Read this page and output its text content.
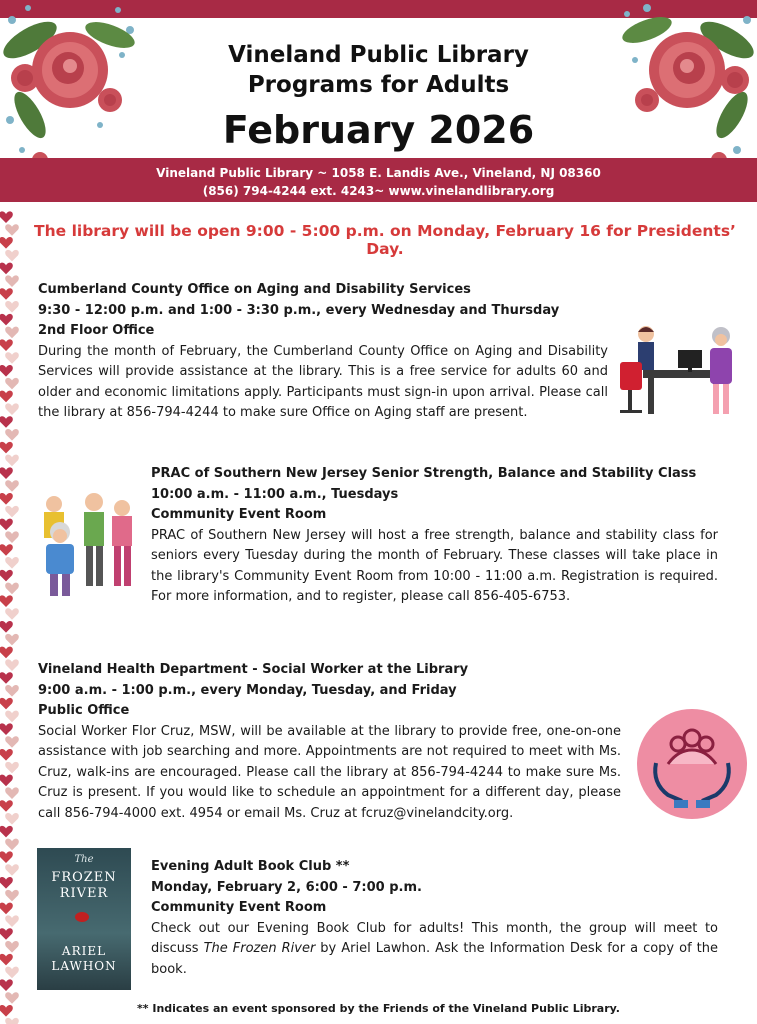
Vineland Public Library
Programs for Adults
February 2026
Vineland Public Library ~ 1058 E. Landis Ave., Vineland, NJ 08360
(856) 794-4244 ext. 4243~ www.vinelandlibrary.org
The library will be open 9:00 - 5:00 p.m. on Monday, February 16 for Presidents’ Day.
Cumberland County Office on Aging and Disability Services
9:30 - 12:00 p.m. and 1:00 - 3:30 p.m., every Wednesday and Thursday
2nd Floor Office

During the month of February, the Cumberland County Office on Aging and Disability Services will provide assistance at the library. This is a free service for adults 60 and older and economic limitations apply. Participants must sign-in upon arrival. Please call the library at 856-794-4244 to make sure Office on Aging staff are present.

PRAC of Southern New Jersey Senior Strength, Balance and Stability Class
10:00 a.m. - 11:00 a.m., Tuesdays
Community Event Room

PRAC of Southern New Jersey will host a free strength, balance and stability class for seniors every Tuesday during the month of February. These classes will take place in the library's Community Event Room from 10:00 - 11:00 a.m. Registration is required. For more information, and to register, please call 856-405-6753.

Vineland Health Department - Social Worker at the Library
9:00 a.m. - 1:00 p.m., every Monday, Tuesday, and Friday
Public Office

Social Worker Flor Cruz, MSW, will be available at the library to provide free, one-on-one assistance with job searching and more. Appointments are not required to meet with Ms. Cruz, walk-ins are encouraged. Please call the library at 856-794-4244 to make sure Ms. Cruz is present. If you would like to schedule an appointment for a different day, please call 856-794-4000 ext. 4954 or email Ms. Cruz at fcruz@vinelandcity.org.

The
FROZEN RIVER
ARIEL LAWHON
Evening Adult Book Club **
Monday, February 2, 6:00 - 7:00 p.m.
Community Event Room

Check out our Evening Book Club for adults! This month, the group will meet to discuss The Frozen River by Ariel Lawhon. Ask the Information Desk for a copy of the book.

** Indicates an event sponsored by the Friends of the Vineland Public Library.
